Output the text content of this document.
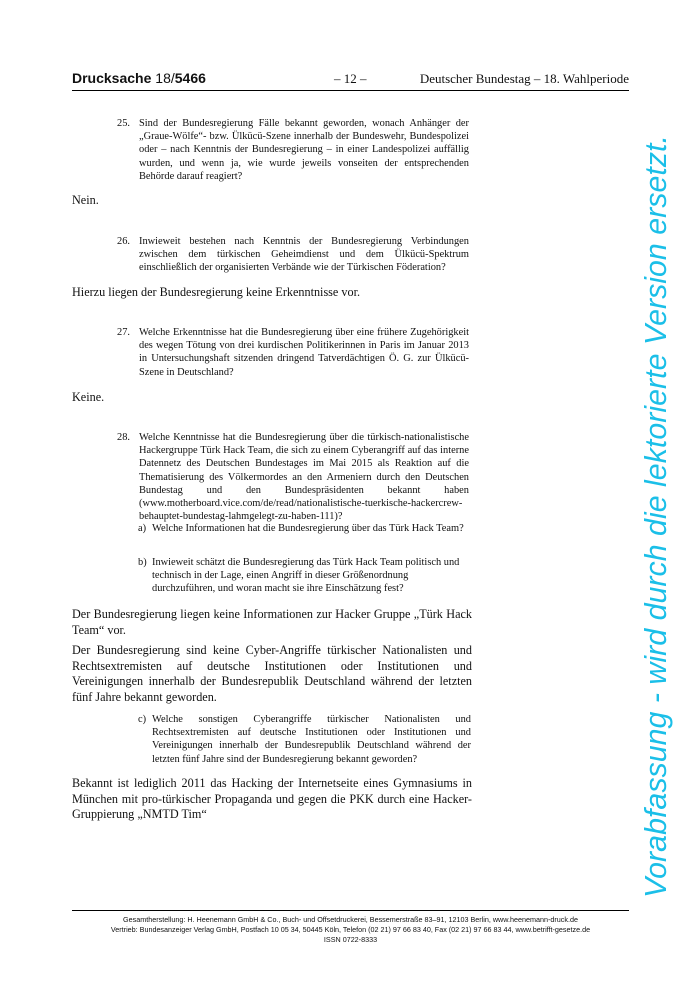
Drucksache 18/5466	– 12 –	Deutscher Bundestag – 18. Wahlperiode
25. Sind der Bundesregierung Fälle bekannt geworden, wonach Anhänger der „Graue-Wölfe“- bzw. Ülkücü-Szene innerhalb der Bundeswehr, Bundespolizei oder – nach Kenntnis der Bundesregierung – in einer Landespolizei auffällig wurden, und wenn ja, wie wurde jeweils vonseiten der entsprechenden Behörde darauf reagiert?
Nein.
26. Inwieweit bestehen nach Kenntnis der Bundesregierung Verbindungen zwischen dem türkischen Geheimdienst und dem Ülkücü-Spektrum einschließlich der organisierten Verbände wie der Türkischen Föderation?
Hierzu liegen der Bundesregierung keine Erkenntnisse vor.
27. Welche Erkenntnisse hat die Bundesregierung über eine frühere Zugehörigkeit des wegen Tötung von drei kurdischen Politikerinnen in Paris im Januar 2013 in Untersuchungshaft sitzenden dringend Tatverdächtigen Ö. G. zur Ülkücü-Szene in Deutschland?
Keine.
28. Welche Kenntnisse hat die Bundesregierung über die türkisch-nationalistische Hackergruppe Türk Hack Team, die sich zu einem Cyberangriff auf das interne Datennetz des Deutschen Bundestages im Mai 2015 als Reaktion auf die Thematisierung des Völkermordes an den Armeniern durch den Deutschen Bundestag und den Bundespräsidenten bekannt haben (www.motherboard.vice.com/de/read/nationalistische-tuerkische-hackercrew-behauptet-bundestag-lahmgelegt-zu-haben-111)?
a) Welche Informationen hat die Bundesregierung über das Türk Hack Team?
b) Inwieweit schätzt die Bundesregierung das Türk Hack Team politisch und technisch in der Lage, einen Angriff in dieser Größenordnung durchzuführen, und woran macht sie ihre Einschätzung fest?
Der Bundesregierung liegen keine Informationen zur Hacker Gruppe „Türk Hack Team“ vor.
Der Bundesregierung sind keine Cyber-Angriffe türkischer Nationalisten und Rechtsextremisten auf deutsche Institutionen oder Institutionen und Vereinigungen innerhalb der Bundesrepublik Deutschland während der letzten fünf Jahre bekannt geworden.
c) Welche sonstigen Cyberangriffe türkischer Nationalisten und Rechtsextremisten auf deutsche Institutionen oder Institutionen und Vereinigungen innerhalb der Bundesrepublik Deutschland während der letzten fünf Jahre sind der Bundesregierung bekannt geworden?
Bekannt ist lediglich 2011 das Hacking der Internetseite eines Gymnasiums in München mit pro-türkischer Propaganda und gegen die PKK durch eine Hacker-Gruppierung „NMTD Tim“	Vorabfassung - wird durch die lektorierte Version ersetzt.
Gesamtherstellung: H. Heenemann GmbH & Co., Buch- und Offsetdruckerei, Bessemerstraße 83–91, 12103 Berlin, www.heenemann-druck.de
Vertrieb: Bundesanzeiger Verlag GmbH, Postfach 10 05 34, 50445 Köln, Telefon (02 21) 97 66 83 40, Fax (02 21) 97 66 83 44, www.betrifft-gesetze.de
ISSN 0722-8333
